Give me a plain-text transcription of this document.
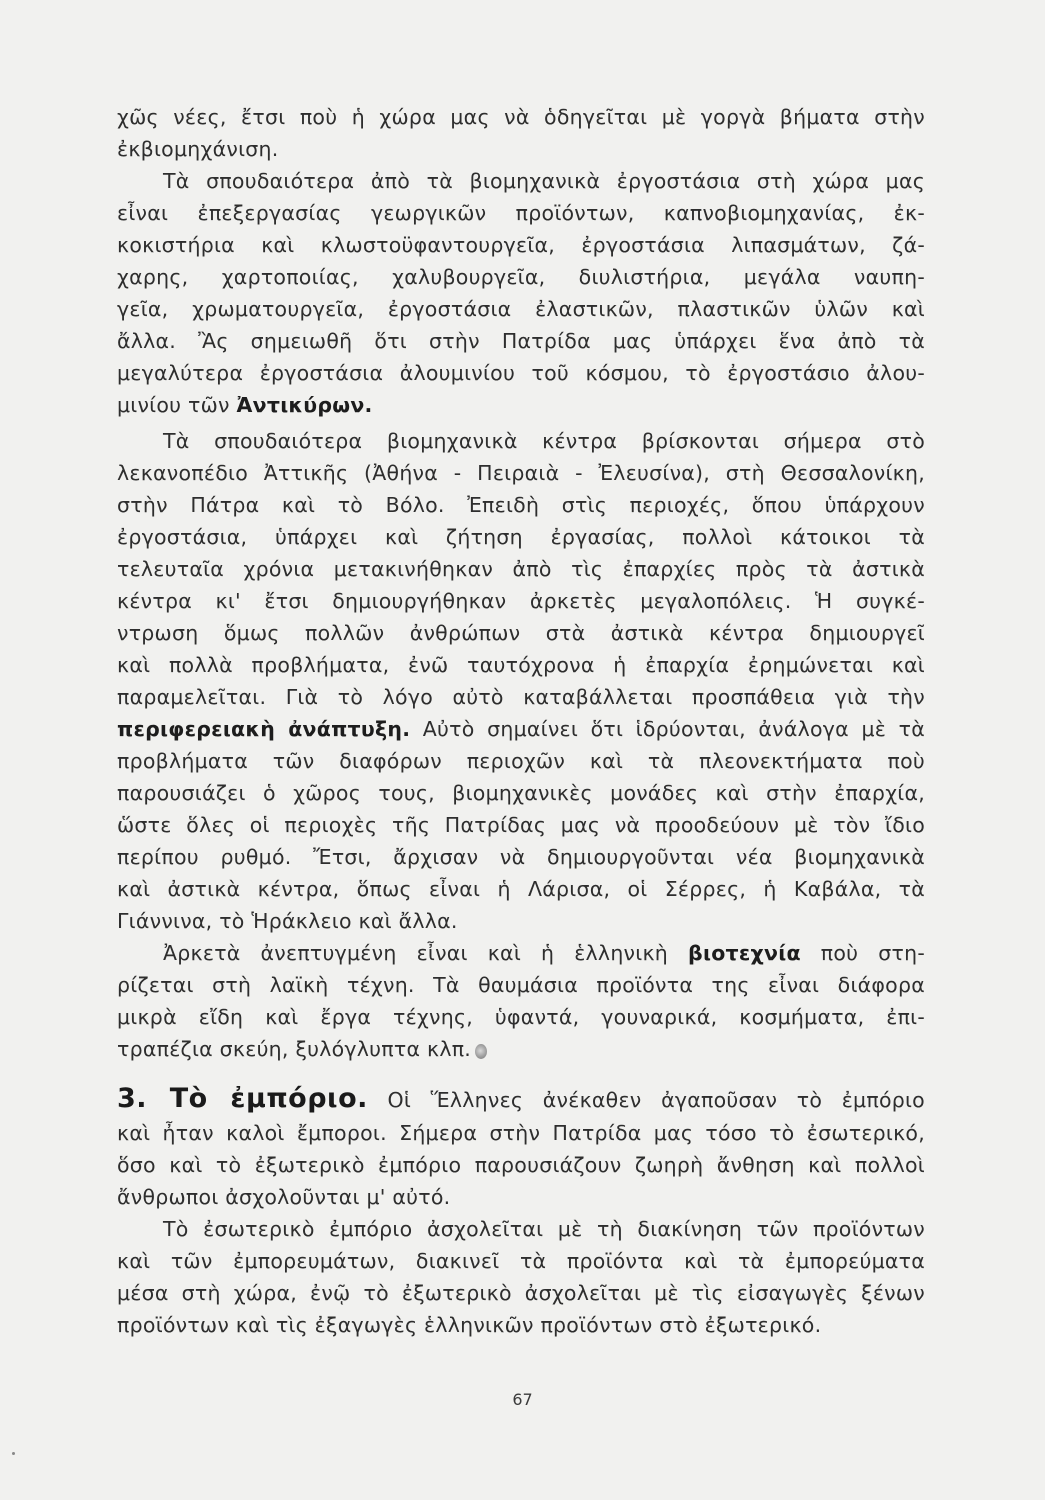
χῶς νέες, ἔτσι ποὺ ἡ χώρα μας νὰ ὁδηγεῖται μὲ γοργὰ βήματα στὴν
ἐκβιομηχάνιση.
Τὰ σπουδαιότερα ἀπὸ τὰ βιομηχανικὰ ἐργοστάσια στὴ χώρα μας
εἶναι ἐπεξεργασίας γεωργικῶν προϊόντων, καπνοβιομηχανίας, ἐκ-
κοκιστήρια καὶ κλωστοϋφαντουργεῖα, ἐργοστάσια λιπασμάτων, ζά-
χαρης, χαρτοποιίας, χαλυβουργεῖα, διυλιστήρια, μεγάλα ναυπη-
γεῖα, χρωματουργεῖα, ἐργοστάσια ἐλαστικῶν, πλαστικῶν ὑλῶν καὶ
ἄλλα. Ἂς σημειωθῆ ὅτι στὴν Πατρίδα μας ὑπάρχει ἕνα ἀπὸ τὰ
μεγαλύτερα ἐργοστάσια ἀλουμινίου τοῦ κόσμου, τὸ ἐργοστάσιο ἀλου-
μινίου τῶν Ἀντικύρων.
Τὰ σπουδαιότερα βιομηχανικὰ κέντρα βρίσκονται σήμερα στὸ
λεκανοπέδιο Ἀττικῆς (Ἀθήνα - Πειραιὰ - Ἐλευσίνα), στὴ Θεσσαλονίκη,
στὴν Πάτρα καὶ τὸ Βόλο. Ἐπειδὴ στὶς περιοχές, ὅπου ὑπάρχουν
ἐργοστάσια, ὑπάρχει καὶ ζήτηση ἐργασίας, πολλοὶ κάτοικοι τὰ
τελευταῖα χρόνια μετακινήθηκαν ἀπὸ τὶς ἐπαρχίες πρὸς τὰ ἀστικὰ
κέντρα κι' ἔτσι δημιουργήθηκαν ἀρκετὲς μεγαλοπόλεις. Ἡ συγκέ-
ντρωση ὅμως πολλῶν ἀνθρώπων στὰ ἀστικὰ κέντρα δημιουργεῖ
καὶ πολλὰ προβλήματα, ἐνῶ ταυτόχρονα ἡ ἐπαρχία ἐρημώνεται καὶ
παραμελεῖται. Γιὰ τὸ λόγο αὐτὸ καταβάλλεται προσπάθεια γιὰ τὴν
περιφερειακὴ ἀνάπτυξη. Αὐτὸ σημαίνει ὅτι ἱδρύονται, ἀνάλογα μὲ τὰ
προβλήματα τῶν διαφόρων περιοχῶν καὶ τὰ πλεονεκτήματα ποὺ
παρουσιάζει ὁ χῶρος τους, βιομηχανικὲς μονάδες καὶ στὴν ἐπαρχία,
ὥστε ὅλες οἱ περιοχὲς τῆς Πατρίδας μας νὰ προοδεύουν μὲ τὸν ἴδιο
περίπου ρυθμό. Ἔτσι, ἄρχισαν νὰ δημιουργοῦνται νέα βιομηχανικὰ
καὶ ἀστικὰ κέντρα, ὅπως εἶναι ἡ Λάρισα, οἱ Σέρρες, ἡ Καβάλα, τὰ
Γιάννινα, τὸ Ἡράκλειο καὶ ἄλλα.
Ἀρκετὰ ἀνεπτυγμένη εἶναι καὶ ἡ ἑλληνικὴ βιοτεχνία ποὺ στη-
ρίζεται στὴ λαϊκὴ τέχνη. Τὰ θαυμάσια προϊόντα της εἶναι διάφορα
μικρὰ εἴδη καὶ ἔργα τέχνης, ὑφαντά, γουναρικά, κοσμήματα, ἐπι-
τραπέζια σκεύη, ξυλόγλυπτα κλπ.
3. Τὸ ἐμπόριο. Οἱ Ἕλληνες ἀνέκαθεν ἀγαποῦσαν τὸ ἐμπόριο
καὶ ἦταν καλοὶ ἔμποροι. Σήμερα στὴν Πατρίδα μας τόσο τὸ ἐσωτερικό,
ὅσο καὶ τὸ ἐξωτερικὸ ἐμπόριο παρουσιάζουν ζωηρὴ ἄνθηση καὶ πολλοὶ
ἄνθρωποι ἀσχολοῦνται μ' αὐτό.
Τὸ ἐσωτερικὸ ἐμπόριο ἀσχολεῖται μὲ τὴ διακίνηση τῶν προϊόντων
καὶ τῶν ἐμπορευμάτων, διακινεῖ τὰ προϊόντα καὶ τὰ ἐμπορεύματα
μέσα στὴ χώρα, ἐνῷ τὸ ἐξωτερικὸ ἀσχολεῖται μὲ τὶς εἰσαγωγὲς ξένων
προϊόντων καὶ τὶς ἐξαγωγὲς ἑλληνικῶν προϊόντων στὸ ἐξωτερικό.
67
